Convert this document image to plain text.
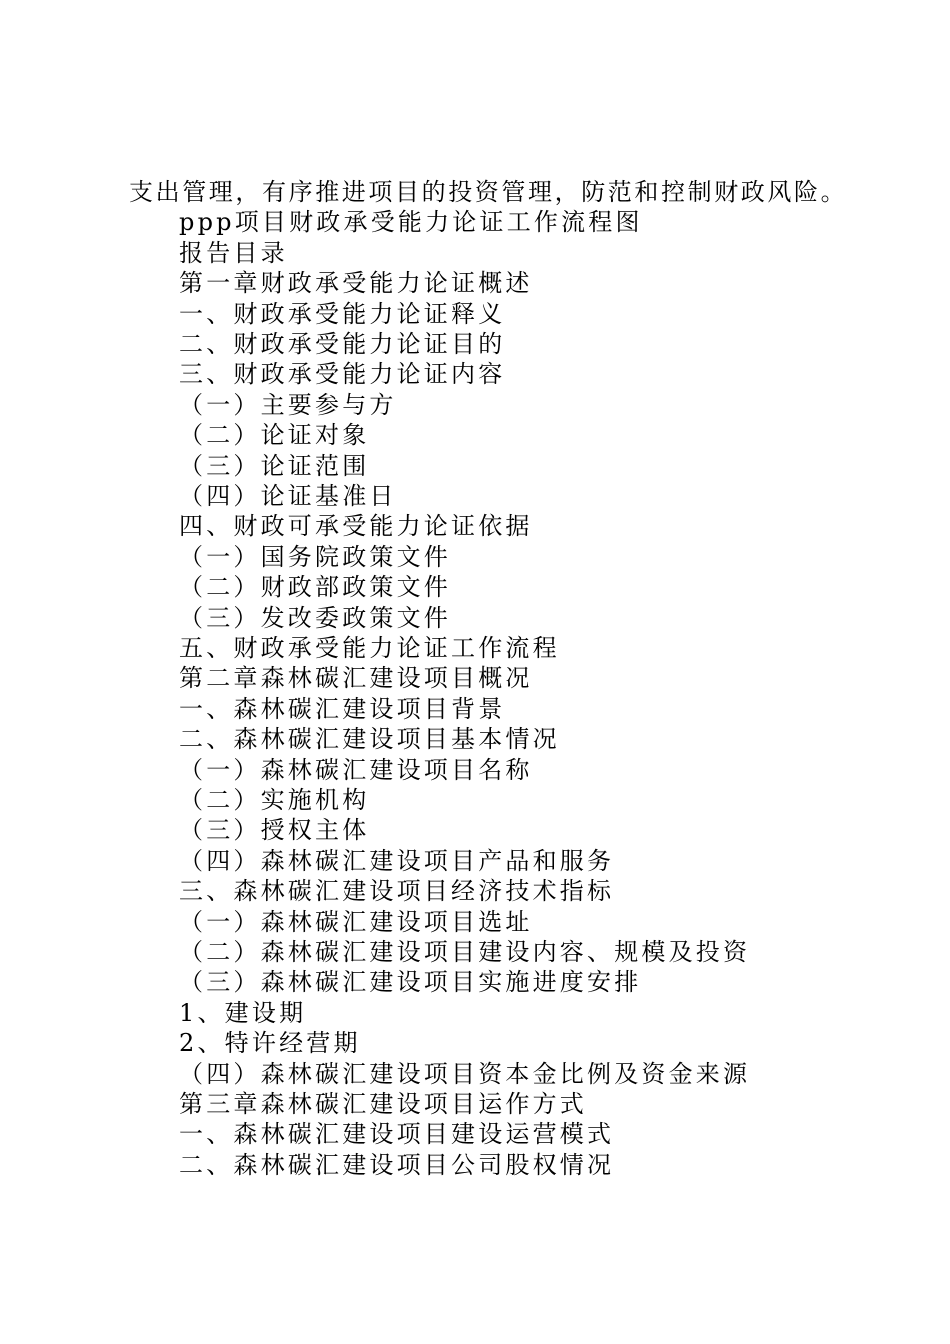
支出管理，有序推进项目的投资管理，防范和控制财政风险。
ppp项目财政承受能力论证工作流程图
报告目录
第一章财政承受能力论证概述
一、财政承受能力论证释义
二、财政承受能力论证目的
三、财政承受能力论证内容
（一）主要参与方
（二）论证对象
（三）论证范围
（四）论证基准日
四、财政可承受能力论证依据
（一）国务院政策文件
（二）财政部政策文件
（三）发改委政策文件
五、财政承受能力论证工作流程
第二章森林碳汇建设项目概况
一、森林碳汇建设项目背景
二、森林碳汇建设项目基本情况
（一）森林碳汇建设项目名称
（二）实施机构
（三）授权主体
（四）森林碳汇建设项目产品和服务
三、森林碳汇建设项目经济技术指标
（一）森林碳汇建设项目选址
（二）森林碳汇建设项目建设内容、规模及投资
（三）森林碳汇建设项目实施进度安排
1、建设期
2、特许经营期
（四）森林碳汇建设项目资本金比例及资金来源
第三章森林碳汇建设项目运作方式
一、森林碳汇建设项目建设运营模式
二、森林碳汇建设项目公司股权情况
